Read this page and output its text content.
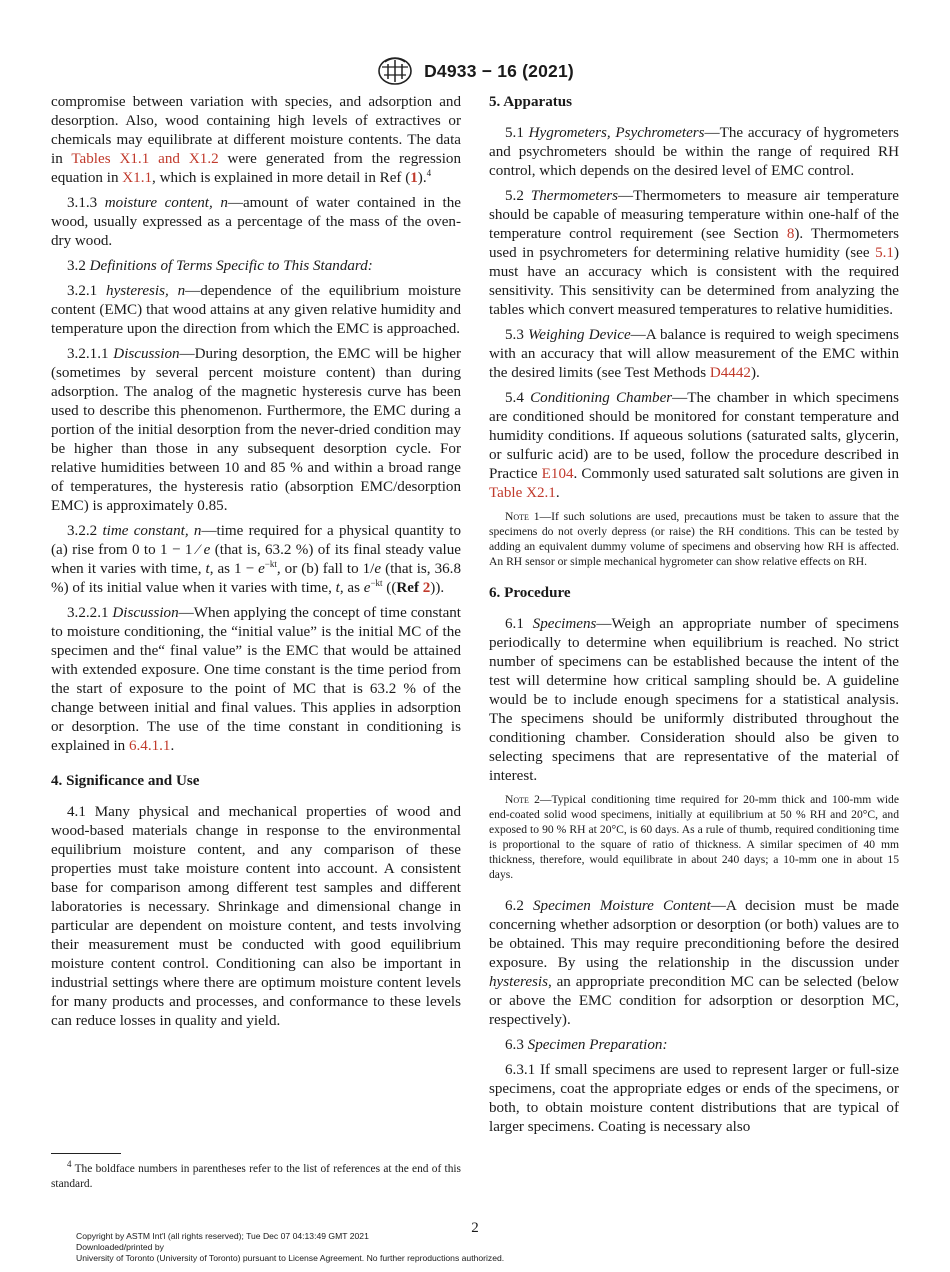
D4933 − 16 (2021)

compromise between variation with species, and adsorption and desorption. Also, wood containing high levels of extractives or chemicals may equilibrate at different moisture contents. The data in Tables X1.1 and X1.2 were generated from the regression equation in X1.1, which is explained in more detail in Ref (1).$^4$

3.1.3 moisture content, n—amount of water contained in the wood, usually expressed as a percentage of the mass of the oven-dry wood.

3.2 Definitions of Terms Specific to This Standard:

3.2.1 hysteresis, n—dependence of the equilibrium moisture content (EMC) that wood attains at any given relative humidity and temperature upon the direction from which the EMC is approached.

3.2.1.1 Discussion—During desorption, the EMC will be higher (sometimes by several percent moisture content) than during adsorption. The analog of the magnetic hysteresis curve has been used to describe this phenomenon. Furthermore, the EMC during a portion of the initial desorption from the never-dried condition may be higher than those in any subsequent desorption cycle. For relative humidities between 10 and 85 % and within a broad range of temperatures, the hysteresis ratio (absorption EMC/desorption EMC) is approximately 0.85.

3.2.2 time constant, n—time required for a physical quantity to (a) rise from 0 to 1 − 1 ⁄ e (that is, 63.2 %) of its final steady value when it varies with time, t, as $1 - e^{-kt}$, or (b) fall to 1/e (that is, 36.8 %) of its initial value when it varies with time, t, as $e^{-kt}$ ((Ref 2)).

3.2.2.1 Discussion—When applying the concept of time constant to moisture conditioning, the “initial value” is the initial MC of the specimen and the“ final value” is the EMC that would be attained with extended exposure. One time constant is the time period from the start of exposure to the point of MC that is 63.2 % of the change between initial and final values. This applies in adsorption or desorption. The use of the time constant in conditioning is explained in 6.4.1.1.

4. Significance and Use

4.1 Many physical and mechanical properties of wood and wood-based materials change in response to the environmental equilibrium moisture content, and any comparison of these properties must take moisture content into account. A consistent base for comparison among different test samples and different laboratories is necessary. Shrinkage and dimensional change in particular are dependent on moisture content, and tests involving their measurement must be conducted with good equilibrium moisture content control. Conditioning can also be important in industrial settings where there are optimum moisture content levels for many products and processes, and conformance to these levels can reduce losses in quality and yield.

5. Apparatus

5.1 Hygrometers, Psychrometers—The accuracy of hygrometers and psychrometers should be within the range of required RH control, which depends on the desired level of EMC control.

5.2 Thermometers—Thermometers to measure air temperature should be capable of measuring temperature within one-half of the temperature control requirement (see Section 8). Thermometers used in psychrometers for determining relative humidity (see 5.1) must have an accuracy which is consistent with the required sensitivity. This sensitivity can be determined from analyzing the tables which convert measured temperatures to relative humidities.

5.3 Weighing Device—A balance is required to weigh specimens with an accuracy that will allow measurement of the EMC within the desired limits (see Test Methods D4442).

5.4 Conditioning Chamber—The chamber in which specimens are conditioned should be monitored for constant temperature and humidity conditions. If aqueous solutions (saturated salts, glycerin, or sulfuric acid) are to be used, follow the procedure described in Practice E104. Commonly used saturated salt solutions are given in Table X2.1.

Note 1—If such solutions are used, precautions must be taken to assure that the specimens do not overly depress (or raise) the RH conditions. This can be tested by adding an equivalent dummy volume of specimens and observing how RH is affected. An RH sensor or simple mechanical hygrometer can show relative effects on RH.

6. Procedure

6.1 Specimens—Weigh an appropriate number of specimens periodically to determine when equilibrium is reached. No strict number of specimens can be established because the intent of the test will determine how critical sampling should be. A guideline would be to include enough specimens for a statistical analysis. The specimens should be uniformly distributed throughout the conditioning chamber. Consideration should also be given to selecting specimens that are representative of the material of interest.

Note 2—Typical conditioning time required for 20-mm thick and 100-mm wide end-coated solid wood specimens, initially at equilibrium at 50 % RH and 20°C, and exposed to 90 % RH at 20°C, is 60 days. As a rule of thumb, required conditioning time is proportional to the square of ratio of thickness. A similar specimen of 40 mm thickness, therefore, would equilibrate in about 240 days; a 10-mm one in about 15 days.

6.2 Specimen Moisture Content—A decision must be made concerning whether adsorption or desorption (or both) values are to be obtained. This may require preconditioning before the desired exposure. By using the relationship in the discussion under hysteresis, an appropriate precondition MC can be selected (below or above the EMC condition for adsorption or desorption MC, respectively).

6.3 Specimen Preparation:

6.3.1 If small specimens are used to represent larger or full-size specimens, coat the appropriate edges or ends of the specimens, or both, to obtain moisture content distributions that are typical of larger specimens. Coating is necessary also

$^4$ The boldface numbers in parentheses refer to the list of references at the end of this standard.
2
Copyright by ASTM Int'l (all rights reserved); Tue Dec 07 04:13:49 GMT 2021
Downloaded/printed by
University of Toronto (University of Toronto) pursuant to License Agreement. No further reproductions authorized.
